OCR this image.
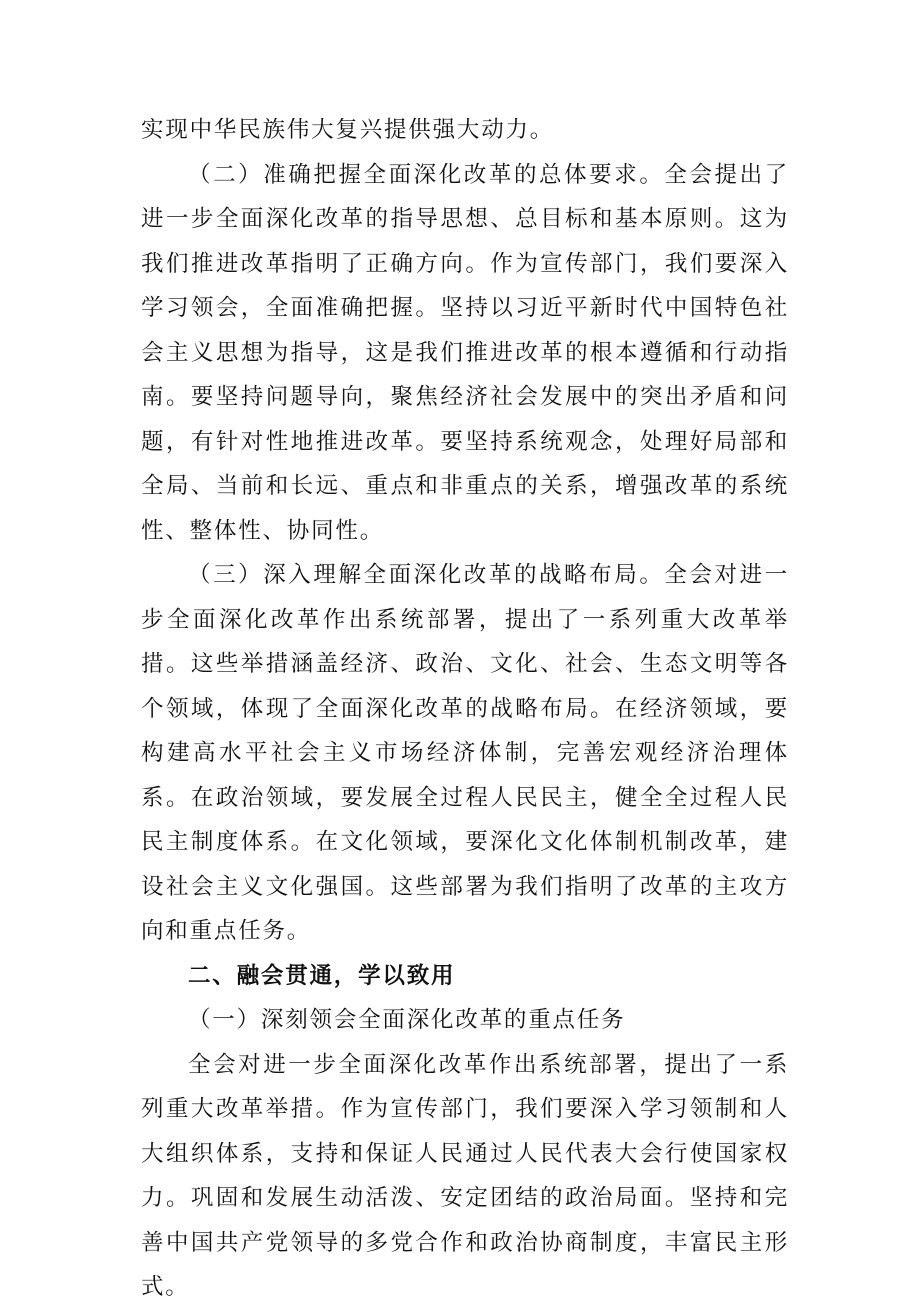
实现中华民族伟大复兴提供强大动力。

（二）准确把握全面深化改革的总体要求。全会提出了进一步全面深化改革的指导思想、总目标和基本原则。这为我们推进改革指明了正确方向。作为宣传部门，我们要深入学习领会，全面准确把握。坚持以习近平新时代中国特色社会主义思想为指导，这是我们推进改革的根本遵循和行动指南。要坚持问题导向，聚焦经济社会发展中的突出矛盾和问题，有针对性地推进改革。要坚持系统观念，处理好局部和全局、当前和长远、重点和非重点的关系，增强改革的系统性、整体性、协同性。

（三）深入理解全面深化改革的战略布局。全会对进一步全面深化改革作出系统部署，提出了一系列重大改革举措。这些举措涵盖经济、政治、文化、社会、生态文明等各个领域，体现了全面深化改革的战略布局。在经济领域，要构建高水平社会主义市场经济体制，完善宏观经济治理体系。在政治领域，要发展全过程人民民主，健全全过程人民民主制度体系。在文化领域，要深化文化体制机制改革，建设社会主义文化强国。这些部署为我们指明了改革的主攻方向和重点任务。

二、融会贯通，学以致用

（一）深刻领会全面深化改革的重点任务

全会对进一步全面深化改革作出系统部署，提出了一系列重大改革举措。作为宣传部门，我们要深入学习领制和人大组织体系，支持和保证人民通过人民代表大会行使国家权力。巩固和发展生动活泼、安定团结的政治局面。坚持和完善中国共产党领导的多党合作和政治协商制度，丰富民主形式。
